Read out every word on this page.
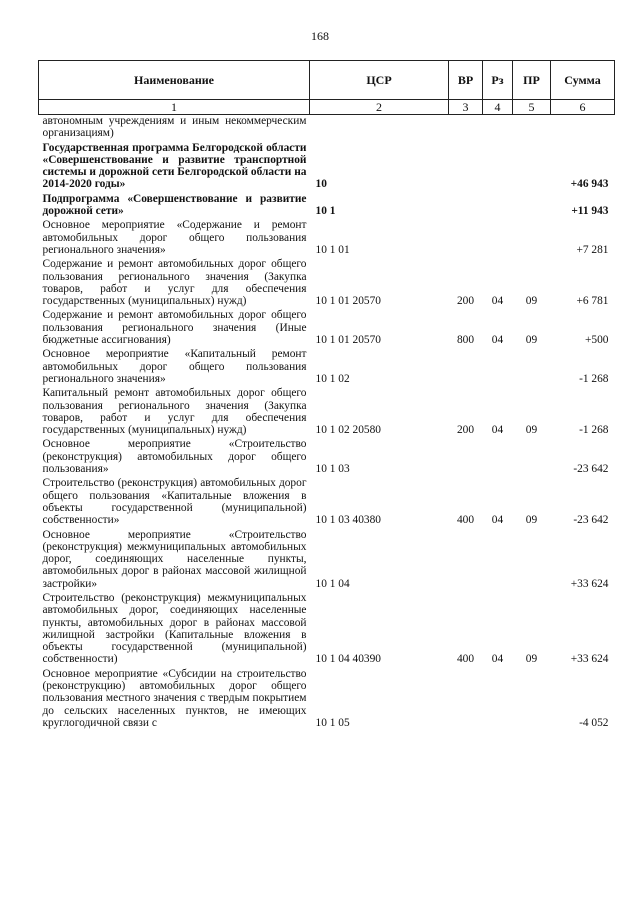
168
Наименование	ЦСР	ВР	Рз	ПР	Сумма
1	2	3	4	5	6
автономным учреждениям и иным некоммерческим организациям)					
Государственная программа Белгородской области «Совершенствование и развитие транспортной системы и дорожной сети Белгородской области на 2014-2020 годы»	10				+46 943
Подпрограмма «Совершенствование и развитие дорожной сети»	10 1				+11 943
Основное мероприятие «Содержание и ремонт автомобильных дорог общего пользования регионального значения»	10 1 01				+7 281
Содержание и ремонт автомобильных дорог общего пользования регионального значения (Закупка товаров, работ и услуг для обеспечения государственных (муниципальных) нужд)	10 1 01 20570	200	04	09	+6 781
Содержание и ремонт автомобильных дорог общего пользования регионального значения (Иные бюджетные ассигнования)	10 1 01 20570	800	04	09	+500
Основное мероприятие «Капитальный ремонт автомобильных дорог общего пользования регионального значения»	10 1 02				-1 268
Капитальный ремонт автомобильных дорог общего пользования регионального значения (Закупка товаров, работ и услуг для обеспечения государственных (муниципальных) нужд)	10 1 02 20580	200	04	09	-1 268
Основное мероприятие «Строительство (реконструкция) автомобильных дорог общего пользования»	10 1 03				-23 642
Строительство (реконструкция) автомобильных дорог общего пользования «Капитальные вложения в объекты государственной (муниципальной) собственности»	10 1 03 40380	400	04	09	-23 642
Основное мероприятие «Строительство (реконструкция) межмуниципальных автомобильных дорог, соединяющих населенные пункты, автомобильных дорог в районах массовой жилищной застройки»	10 1 04				+33 624
Строительство (реконструкция) межмуниципальных автомобильных дорог, соединяющих населенные пункты, автомобильных дорог в районах массовой жилищной застройки (Капитальные вложения в объекты государственной (муниципальной) собственности)	10 1 04 40390	400	04	09	+33 624
Основное мероприятие «Субсидии на строительство (реконструкцию) автомобильных дорог общего пользования местного значения с твердым покрытием до сельских населенных пунктов, не имеющих круглогодичной связи с	10 1 05				-4 052
